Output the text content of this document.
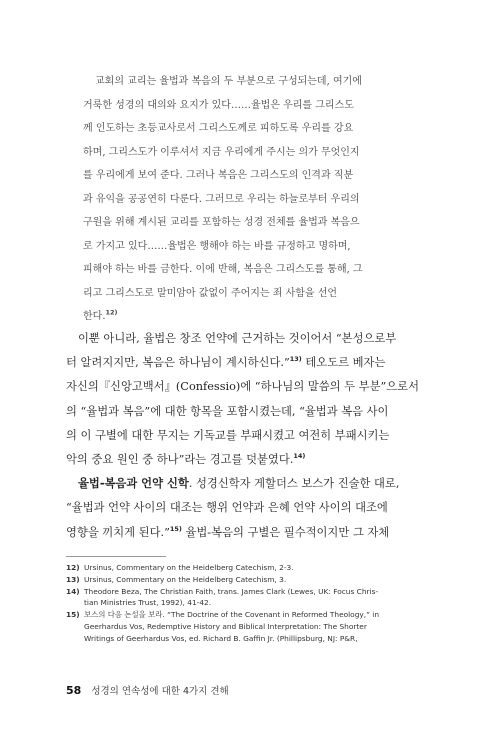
교회의 교리는 율법과 복음의 두 부분으로 구성되는데, 여기에
거룩한 성경의 대의와 요지가 있다……율법은 우리를 그리스도
께 인도하는 초등교사로서 그리스도께로 피하도록 우리를 강요
하며, 그리스도가 이루셔서 지금 우리에게 주시는 의가 무엇인지
를 우리에게 보여 준다. 그러나 복음은 그리스도의 인격과 직분
과 유익을 공공연히 다룬다. 그러므로 우리는 하늘로부터 우리의
구원을 위해 계시된 교리를 포함하는 성경 전체를 율법과 복음으
로 가지고 있다……율법은 행해야 하는 바를 규정하고 명하며,
피해야 하는 바를 금한다. 이에 반해, 복음은 그리스도를 통해, 그
리고 그리스도로 말미암아 값없이 주어지는 죄 사함을 선언
한다.$^{12)}$
이뿐 아니라, 율법은 창조 언약에 근거하는 것이어서 “본성으로부
터 알려지지만, 복음은 하나님이 계시하신다.”$^{13)}$ 테오도르 베자는
자신의『신앙고백서』(Confessio)에 “하나님의 말씀의 두 부분”으로서
의 “율법과 복음”에 대한 항목을 포함시켰는데, “율법과 복음 사이
의 이 구별에 대한 무지는 기독교를 부패시켰고 여전히 부패시키는
악의 중요 원인 중 하나”라는 경고를 덧붙였다.$^{14)}$
율법-복음과 언약 신학. 성경신학자 게할더스 보스가 진술한 대로,
“율법과 언약 사이의 대조는 행위 언약과 은혜 언약 사이의 대조에
영향을 끼치게 된다.”$^{15)}$ 율법-복음의 구별은 필수적이지만 그 자체
12) Ursinus, Commentary on the Heidelberg Catechism, 2-3.
13) Ursinus, Commentary on the Heidelberg Catechism, 3.
14) Theodore Beza, The Christian Faith, trans. James Clark (Lewes, UK: Focus Chris-
tian Ministries Trust, 1992), 41-42.
15) 보스의 다음 논설을 보라. “The Doctrine of the Covenant in Reformed Theology,” in
Geerhardus Vos, Redemptive History and Biblical Interpretation: The Shorter
Writings of Geerhardus Vos, ed. Richard B. Gaffin Jr. (Phillipsburg, NJ: P&R,
58 성경의 연속성에 대한 4가지 견해
